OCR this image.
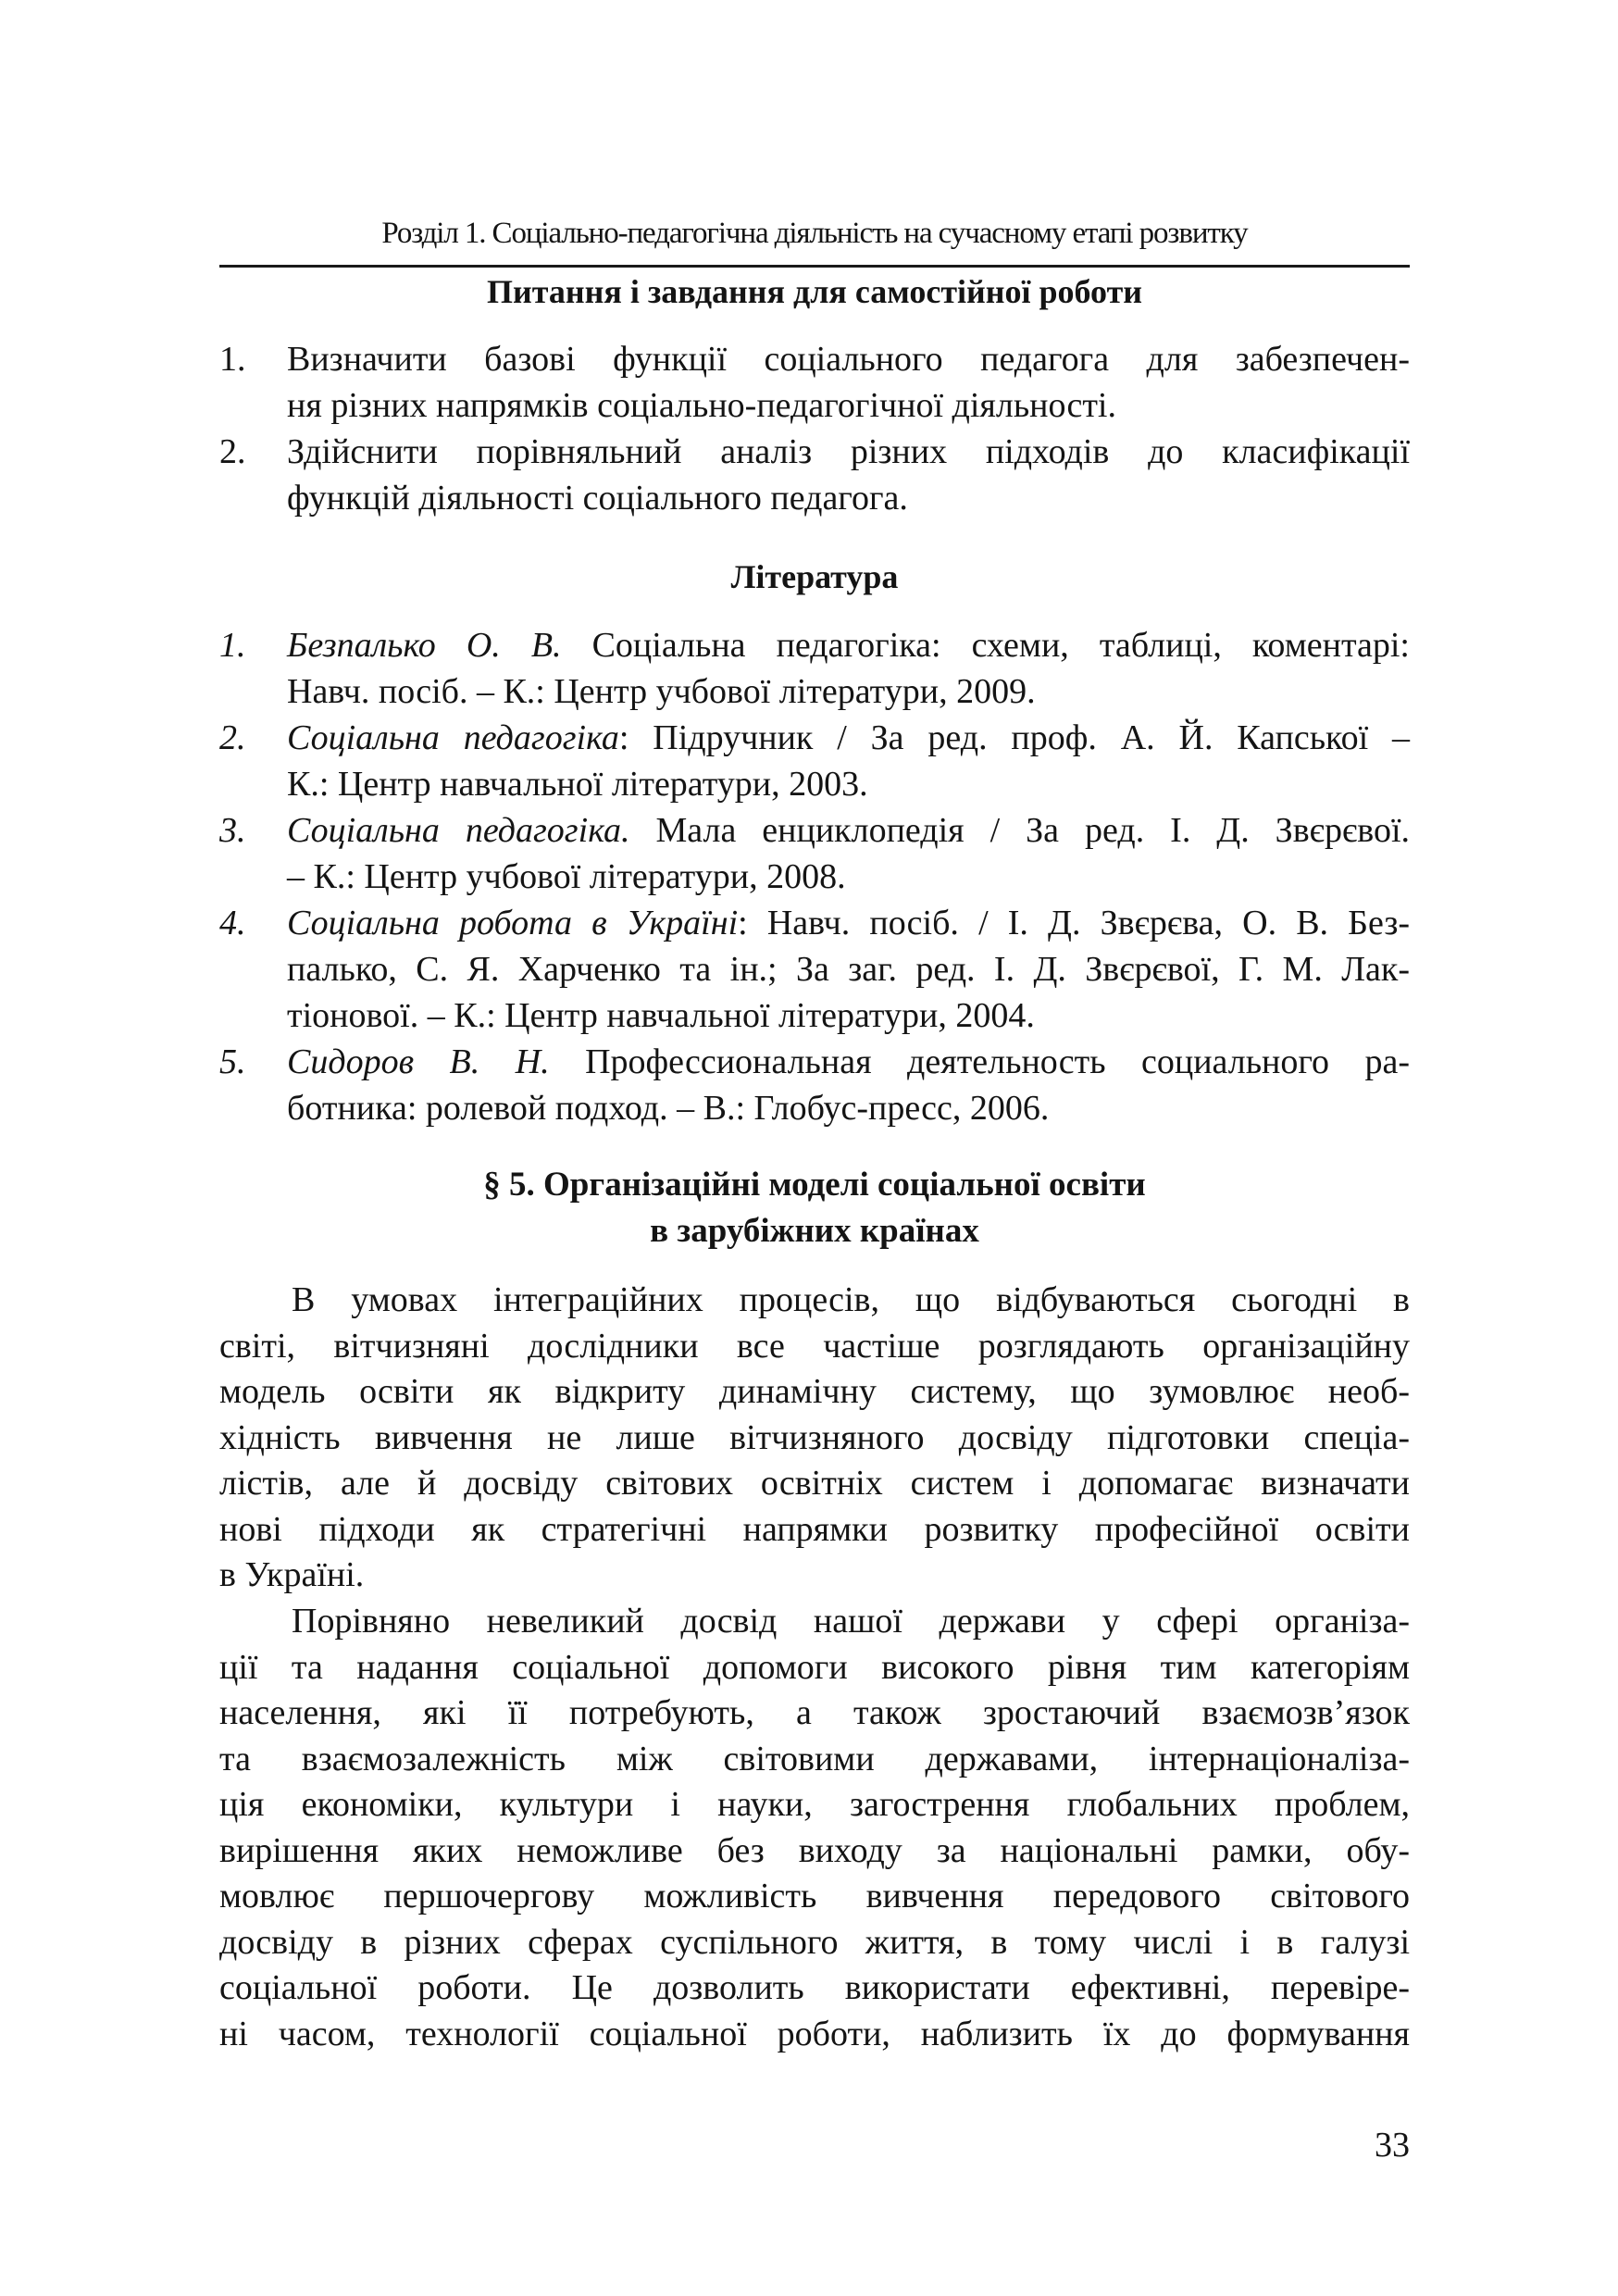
Розділ 1. Соціально-педагогічна діяльність на сучасному етапі розвитку
Питання і завдання для самостійної роботи
1.	Визначити базові функції соціального педагога для забезпечен-
ня різних напрямків соціально-педагогічної діяльності.
2.	Здійснити порівняльний аналіз різних підходів до класифікації
функцій діяльності соціального педагога.
Література
1.	Безпалько О. В. Соціальна педагогіка: схеми, таблиці, коментарі:
Навч. посіб. – К.: Центр учбової літератури, 2009.
2.	Соціальна педагогіка: Підручник / За ред. проф. А. Й. Капської –
К.: Центр навчальної літератури, 2003.
3.	Соціальна педагогіка. Мала енциклопедія / За ред. І. Д. Звєрєвої.
– К.: Центр учбової літератури, 2008.
4.	Соціальна робота в Україні: Навч. посіб. / І. Д. Звєрєва, О. В. Без-
палько, С. Я. Харченко та ін.; За заг. ред. І. Д. Звєрєвої, Г. М. Лак-
тіонової. – К.: Центр навчальної літератури, 2004.
5.	Сидоров В. Н. Профессиональная деятельность социального ра-
ботника: ролевой подход. – В.: Глобус-пресс, 2006.
§ 5. Організаційні моделі соціальної освіти
в зарубіжних країнах
В умовах інтеграційних процесів, що відбуваються сьогодні в
світі, вітчизняні дослідники все частіше розглядають організаційну
модель освіти як відкриту динамічну систему, що зумовлює необ-
хідність вивчення не лише вітчизняного досвіду підготовки спеціа-
лістів, але й досвіду світових освітніх систем і допомагає визначати
нові підходи як стратегічні напрямки розвитку професійної освіти
в Україні.
Порівняно невеликий досвід нашої держави у сфері організа-
ції та надання соціальної допомоги високого рівня тим категоріям
населення, які її потребують, а також зростаючий взаємозв’язок
та взаємозалежність між світовими державами, інтернаціоналіза-
ція економіки, культури і науки, загострення глобальних проблем,
вирішення яких неможливе без виходу за національні рамки, обу-
мовлює першочергову можливість вивчення передового світового
досвіду в різних сферах суспільного життя, в тому числі і в галузі
соціальної роботи. Це дозволить використати ефективні, перевіре-
ні часом, технології соціальної роботи, наблизить їх до формування
33
